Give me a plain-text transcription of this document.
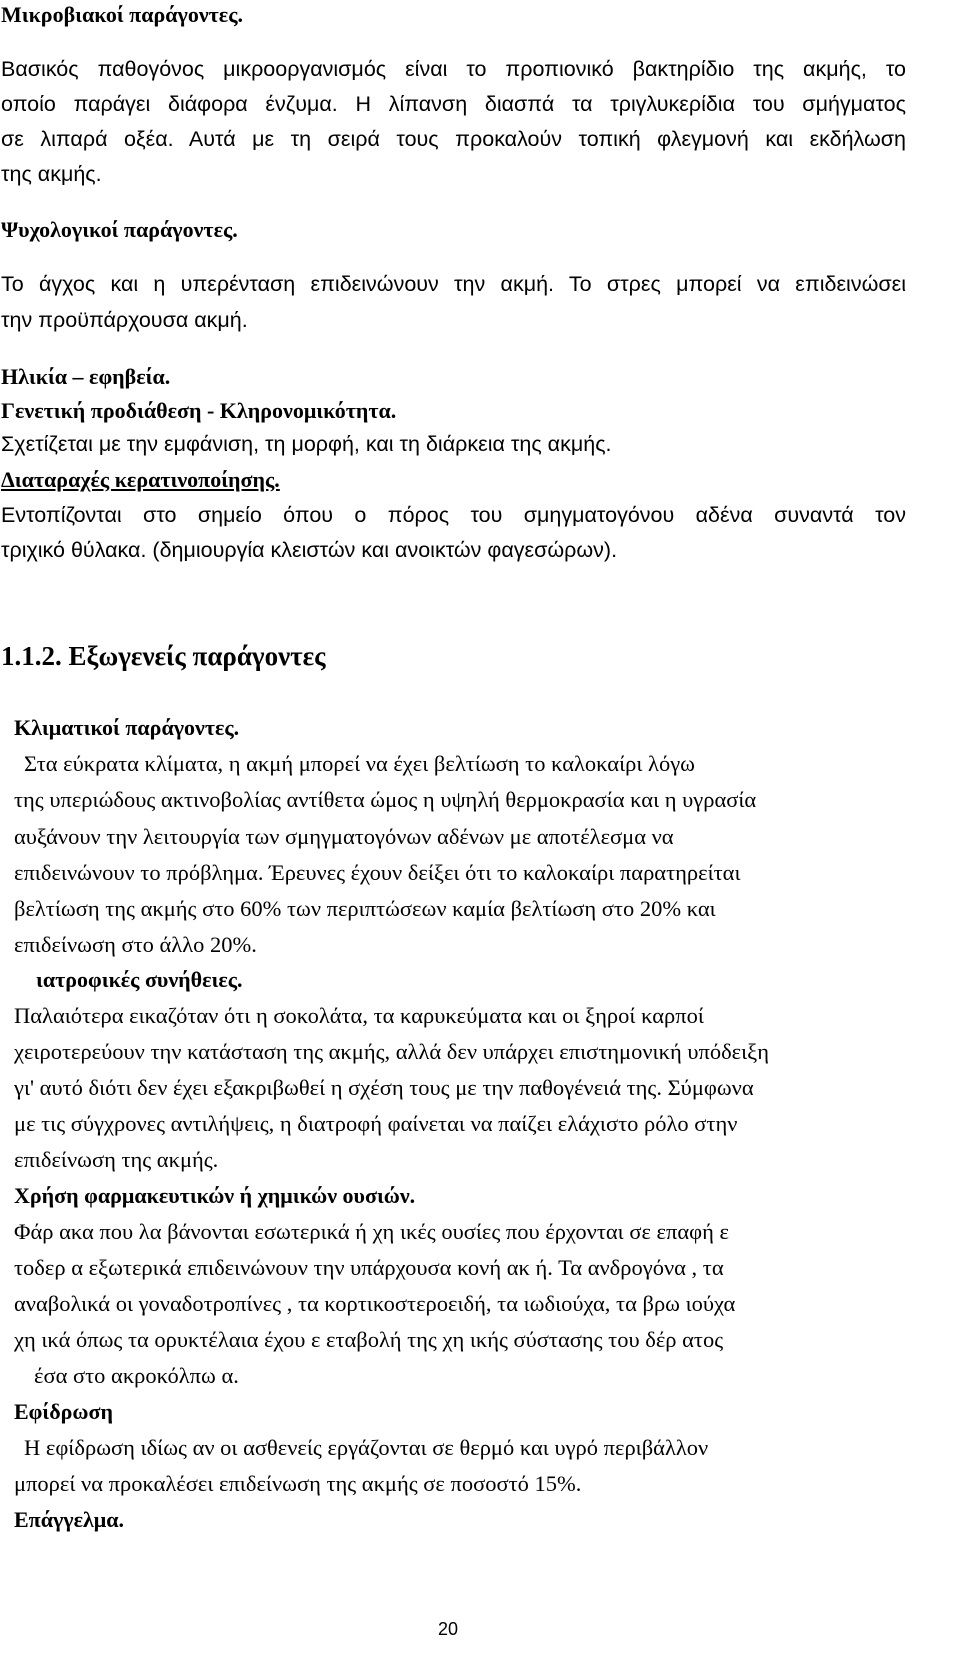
Μικροβιακοί παράγοντες.
Βασικός παθογόνος μικροοργανισμός είναι το προπιονικό βακτηρίδιο της ακμής, το
οποίο παράγει διάφορα ένζυμα. Η λίπανση διασπά τα τριγλυκερίδια του σμήγματος
σε λιπαρά οξέα. Αυτά με τη σειρά τους προκαλούν τοπική φλεγμονή και εκδήλωση
της ακμής.
Ψυχολογικοί παράγοντες.
Το άγχος και η υπερένταση επιδεινώνουν την ακμή. Το στρες μπορεί να επιδεινώσει
την προϋπάρχουσα ακμή.
Ηλικία – εφηβεία.
Γενετική προδιάθεση - Κληρονομικότητα.
Σχετίζεται με την εμφάνιση, τη μορφή, και τη διάρκεια της ακμής.
Διαταραχές κερατινοποίησης.
Εντοπίζονται στο σημείο όπου ο πόρος του σμηγματογόνου αδένα συναντά τον
τριχικό θύλακα. (δημιουργία κλειστών και ανοικτών φαγεσώρων).
1.1.2. Εξωγενείς παράγοντες
Κλιματικοί παράγοντες.
Στα εύκρατα κλίματα, η ακμή μπορεί να έχει βελτίωση το καλοκαίρι λόγω
της υπεριώδους ακτινοβολίας αντίθετα ώμος η υψηλή θερμοκρασία και η υγρασία
αυξάνουν την λειτουργία των σμηγματογόνων αδένων με αποτέλεσμα να
επιδεινώνουν το πρόβλημα. Έρευνες έχουν δείξει ότι το καλοκαίρι παρατηρείται
βελτίωση της ακμής στο 60% των περιπτώσεων καμία βελτίωση στο 20% και
επιδείνωση στο άλλο 20%.
ιατροφικές συνήθειες.
Παλαιότερα εικαζόταν ότι η σοκολάτα, τα καρυκεύματα και οι ξηροί καρποί
χειροτερεύουν την κατάσταση της ακμής, αλλά δεν υπάρχει επιστημονική υπόδειξη
γι' αυτό διότι δεν έχει εξακριβωθεί η σχέση τους με την παθογένειά της. Σύμφωνα
με τις σύγχρονες αντιλήψεις, η διατροφή φαίνεται να παίζει ελάχιστο ρόλο στην
επιδείνωση της ακμής.
Χρήση φαρμακευτικών ή χημικών ουσιών.
Φάρ ακα που λα βάνονται εσωτερικά ή χη ικές ουσίες που έρχονται σε επαφή ε
τοδερ α εξωτερικά επιδεινώνουν την υπάρχουσα κονή ακ ή. Τα ανδρογόνα , τα
αναβολικά οι γοναδοτροπίνες , τα κορτικοστεροειδή, τα ιωδιούχα, τα βρω ιούχα
χη ικά όπως τα ορυκτέλαια έχου ε εταβολή της χη ικής σύστασης του δέρ ατος
έσα στο ακροκόλπω α.
Εφίδρωση
Η εφίδρωση ιδίως αν οι ασθενείς εργάζονται σε θερμό και υγρό περιβάλλον
μπορεί να προκαλέσει επιδείνωση της ακμής σε ποσοστό 15%.
Επάγγελμα.
20
